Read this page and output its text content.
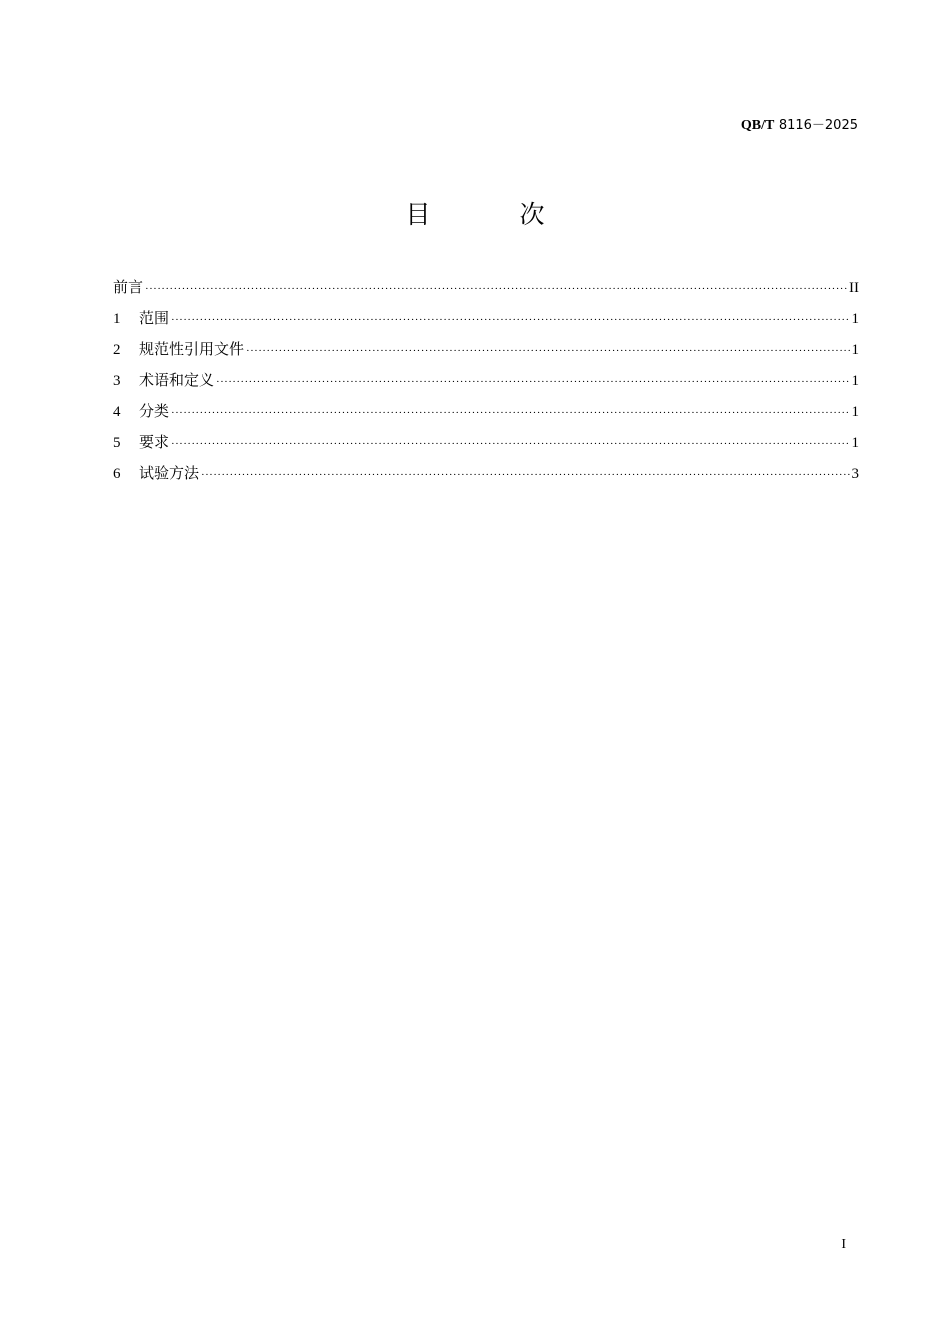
QB/T 8116－2025
目　次
前言 ·····	II
1	范围 ·····	1
2	规范性引用文件 ·····	1
3	术语和定义 ·····	1
4	分类 ·····	1
5	要求 ·····	1
6	试验方法 ·····	3
I
